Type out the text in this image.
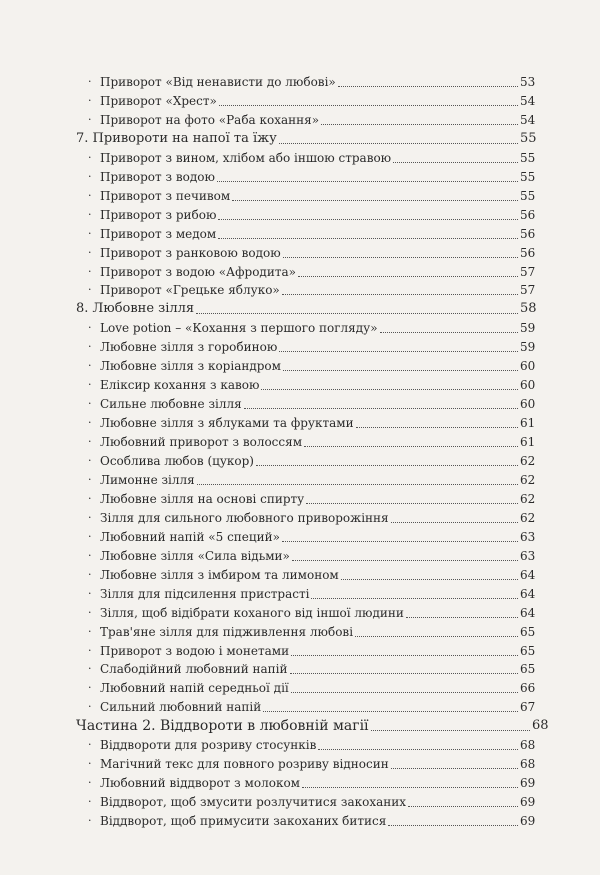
· Приворот «Від ненависти до любові»	53
· Приворот «Хрест»	54
· Приворот на фото «Раба кохання»	54
7. Привороти на напої та їжу	55
· Приворот з вином, хлібом або іншою стравою	55
· Приворот з водою	55
· Приворот з печивом	55
· Приворот з рибою	56
· Приворот з медом	56
· Приворот з ранковою водою	56
· Приворот з водою «Афродита»	57
· Приворот «Грецьке яблуко»	57
8. Любовне зілля	58
· Love potion – «Кохання з першого погляду»	59
· Любовне зілля з горобиною	59
· Любовне зілля з коріандром	60
· Еліксир кохання з кавою	60
· Сильне любовне зілля	60
· Любовне зілля з яблуками та фруктами	61
· Любовний приворот з волоссям	61
· Особлива любов (цукор)	62
· Лимонне зілля	62
· Любовне зілля на основі спирту	62
· Зілля для сильного любовного приворожіння	62
· Любовний напій «5 специй»	63
· Любовне зілля «Сила відьми»	63
· Любовне зілля з імбиром та лимоном	64
· Зілля для підсилення пристрасті	64
· Зілля, щоб відібрати коханого від іншої людини	64
· Трав'яне зілля для підживлення любові	65
· Приворот з водою і монетами	65
· Слабодійний любовний напій	65
· Любовний напій середньої дії	66
· Сильний любовний напій	67
Частина 2. Віддвороти в любовній магії	68
· Віддвороти для розриву стосунків	68
· Магічний текс для повного розриву відносин	68
· Любовний віддворот з молоком	69
· Віддворот, щоб змусити розлучитися закоханих	69
· Віддворот, щоб примусити закоханих битися	69
